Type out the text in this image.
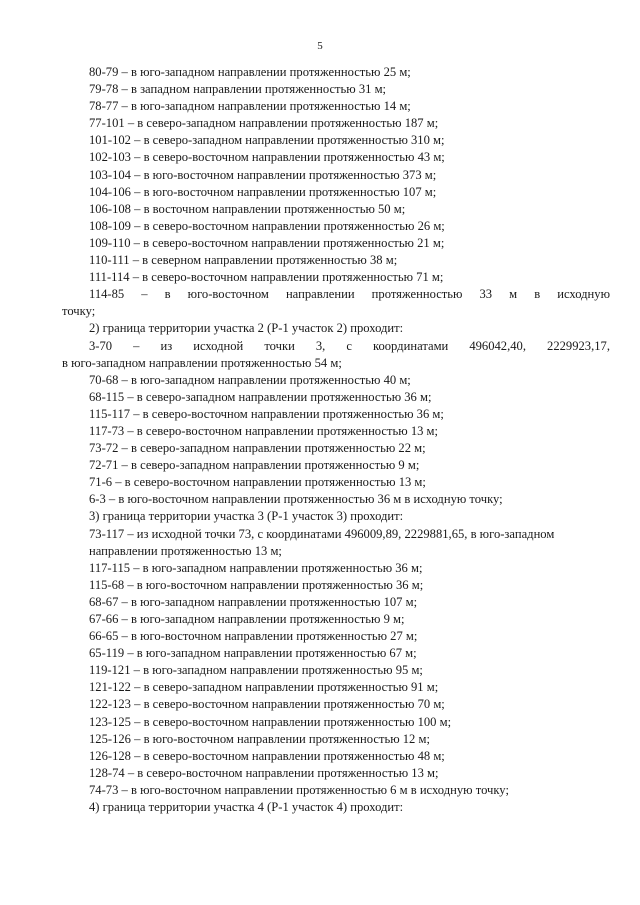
5
80-79 – в юго-западном направлении протяженностью 25 м;
79-78 – в западном направлении протяженностью 31 м;
78-77 – в юго-западном направлении протяженностью 14 м;
77-101 – в северо-западном направлении протяженностью 187 м;
101-102 – в северо-западном направлении протяженностью 310 м;
102-103 – в северо-восточном направлении протяженностью 43 м;
103-104 – в юго-восточном направлении протяженностью 373 м;
104-106 – в юго-восточном направлении протяженностью 107 м;
106-108 – в восточном направлении протяженностью 50 м;
108-109 – в северо-восточном направлении протяженностью 26 м;
109-110 – в северо-восточном направлении протяженностью 21 м;
110-111 – в северном направлении протяженностью 38 м;
111-114 – в северо-восточном направлении протяженностью 71 м;
114-85 – в юго-восточном направлении протяженностью 33 м в исходную
точку;
2) граница территории участка 2 (Р-1 участок 2) проходит:
3-70 – из исходной точки 3, с координатами 496042,40, 2229923,17,
в юго-западном направлении протяженностью 54 м;
70-68 – в юго-западном направлении протяженностью 40 м;
68-115 – в северо-западном направлении протяженностью 36 м;
115-117 – в северо-восточном направлении протяженностью 36 м;
117-73 – в северо-восточном направлении протяженностью 13 м;
73-72 – в северо-западном направлении протяженностью 22 м;
72-71 – в северо-западном направлении протяженностью 9 м;
71-6 – в северо-восточном направлении протяженностью 13 м;
6-3 – в юго-восточном направлении протяженностью 36 м в исходную точку;
3) граница территории участка 3 (Р-1 участок 3) проходит:
73-117 – из исходной точки 73, с координатами 496009,89, 2229881,65, в юго-западном направлении протяженностью 13 м;
117-115 – в юго-западном направлении протяженностью 36 м;
115-68 – в юго-восточном направлении протяженностью 36 м;
68-67 – в юго-западном направлении протяженностью 107 м;
67-66 – в юго-западном направлении протяженностью 9 м;
66-65 – в юго-восточном направлении протяженностью 27 м;
65-119 – в юго-западном направлении протяженностью 67 м;
119-121 – в юго-западном направлении протяженностью 95 м;
121-122 – в северо-западном направлении протяженностью 91 м;
122-123 – в северо-восточном направлении протяженностью 70 м;
123-125 – в северо-восточном направлении протяженностью 100 м;
125-126 – в юго-восточном направлении протяженностью 12 м;
126-128 – в северо-восточном направлении протяженностью 48 м;
128-74 – в северо-восточном направлении протяженностью 13 м;
74-73 – в юго-восточном направлении протяженностью 6 м в исходную точку;
4) граница территории участка 4 (Р-1 участок 4) проходит:
